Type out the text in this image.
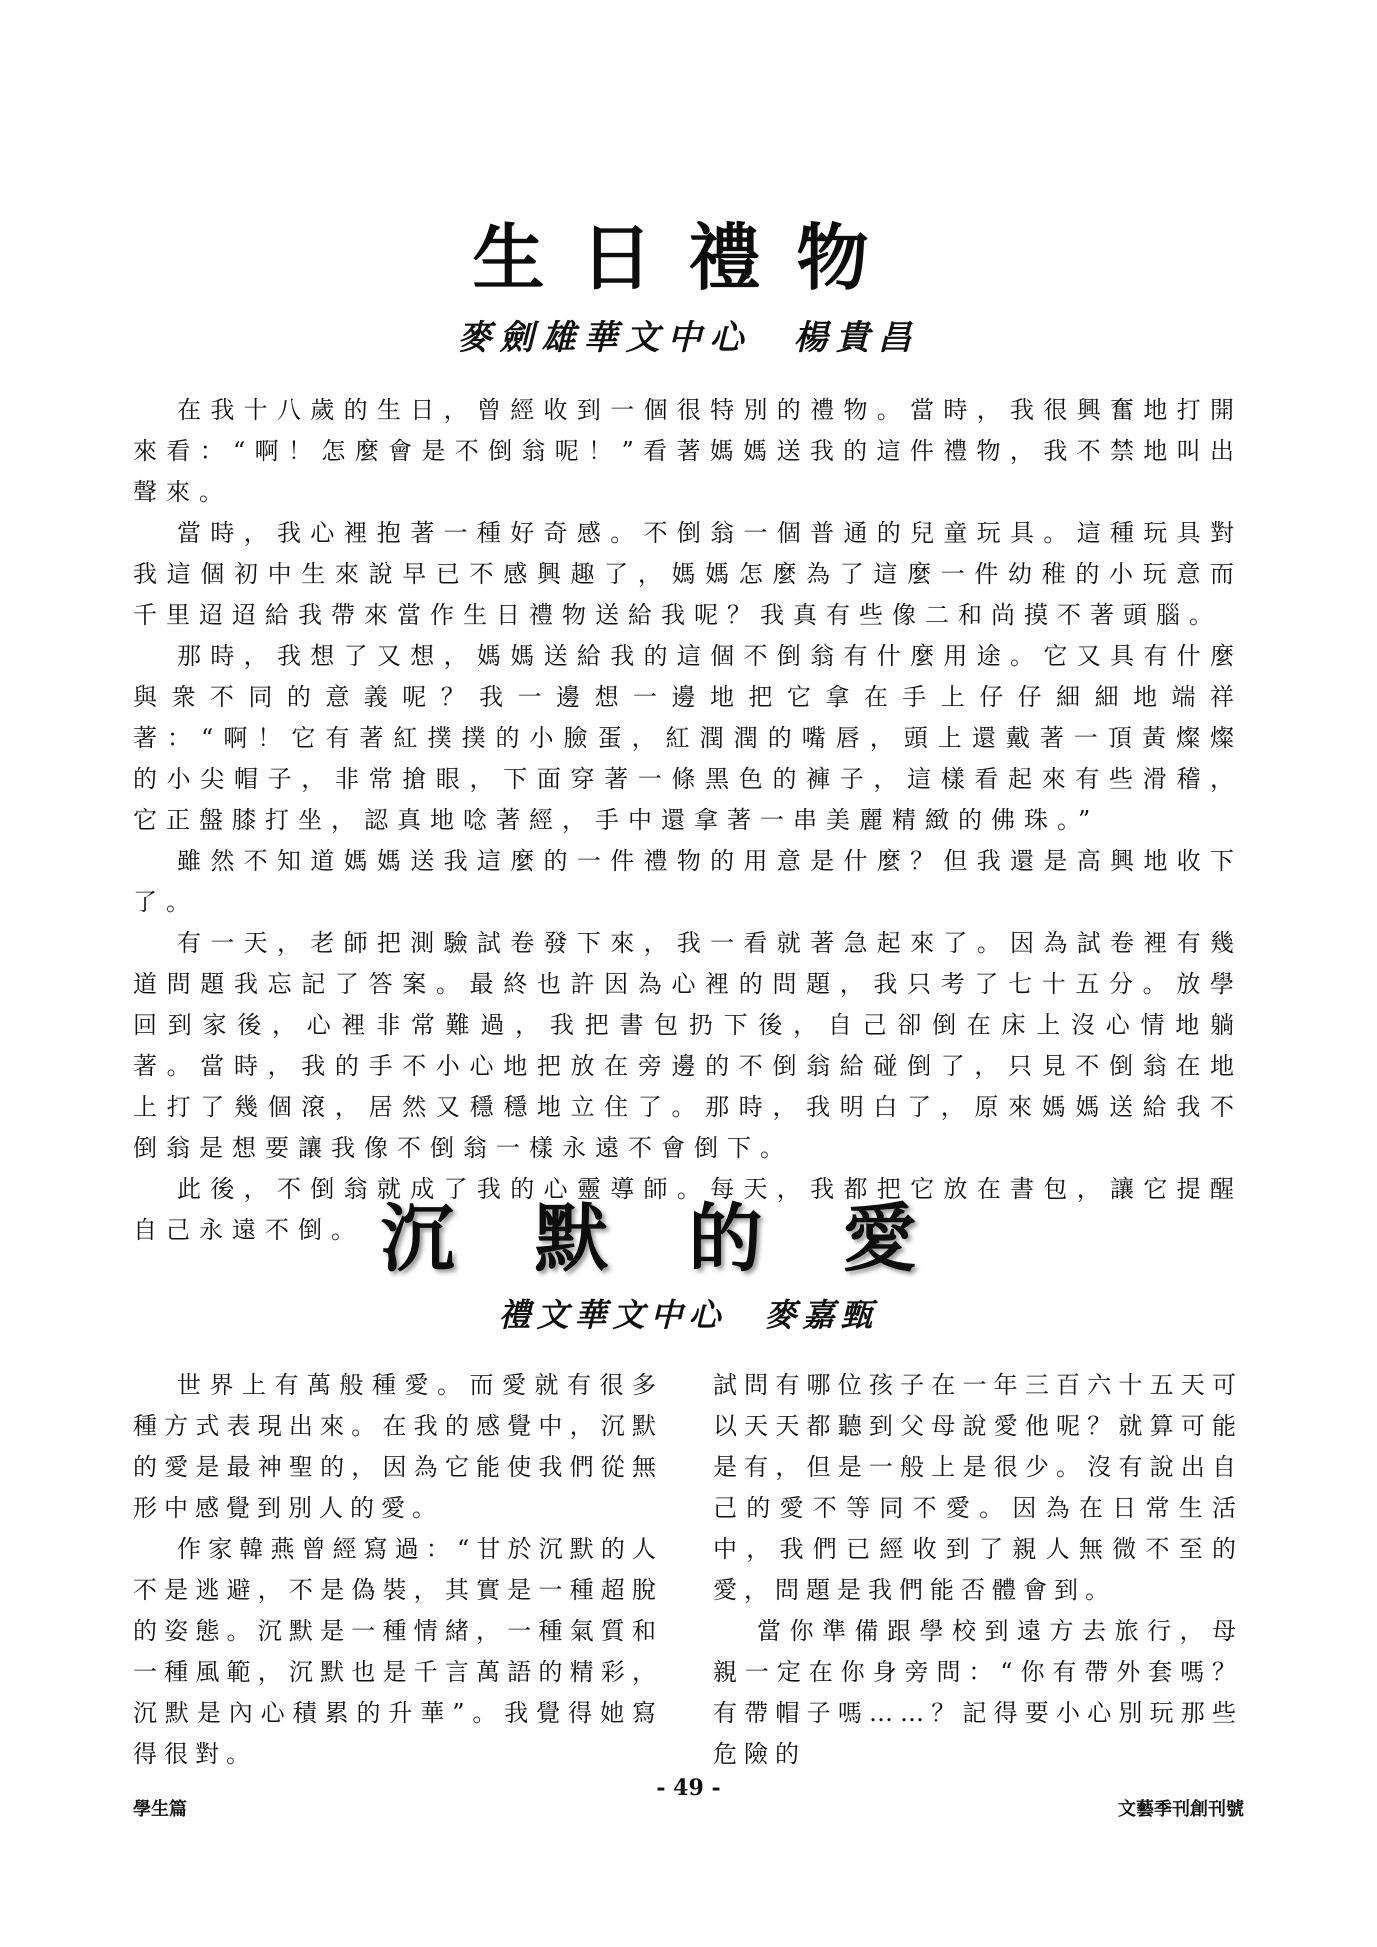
生日禮物
麥劍雄華文中心　楊貴昌

在我十八歲的生日，曾經收到一個很特別的禮物。當時，我很興奮地打開來看：“啊！怎麼會是不倒翁呢！”看著媽媽送我的這件禮物，我不禁地叫出聲來。

當時，我心裡抱著一種好奇感。不倒翁一個普通的兒童玩具。這種玩具對我這個初中生來說早已不感興趣了，媽媽怎麼為了這麼一件幼稚的小玩意而千里迢迢給我帶來當作生日禮物送給我呢？我真有些像二和尚摸不著頭腦。

那時，我想了又想，媽媽送給我的這個不倒翁有什麼用途。它又具有什麼與衆不同的意義呢？我一邊想一邊地把它拿在手上仔仔細細地端祥著：“啊！它有著紅撲撲的小臉蛋，紅潤潤的嘴唇，頭上還戴著一頂黃燦燦的小尖帽子，非常搶眼，下面穿著一條黑色的褲子，這樣看起來有些滑稽，它正盤膝打坐，認真地唸著經，手中還拿著一串美麗精緻的佛珠。”

雖然不知道媽媽送我這麼的一件禮物的用意是什麼？但我還是高興地收下了。

有一天，老師把測驗試卷發下來，我一看就著急起來了。因為試卷裡有幾道問題我忘記了答案。最終也許因為心裡的問題，我只考了七十五分。放學回到家後，心裡非常難過，我把書包扔下後，自己卻倒在床上沒心情地躺著。當時，我的手不小心地把放在旁邊的不倒翁給碰倒了，只見不倒翁在地上打了幾個滾，居然又穩穩地立住了。那時，我明白了，原來媽媽送給我不倒翁是想要讓我像不倒翁一樣永遠不會倒下。

此後，不倒翁就成了我的心靈導師。每天，我都把它放在書包，讓它提醒自己永遠不倒。 沉默的愛
禮文華文中心　麥嘉甄

世界上有萬般種愛。而愛就有很多種方式表現出來。在我的感覺中，沉默的愛是最神聖的，因為它能使我們從無形中感覺到別人的愛。

作家韓燕曾經寫過：“甘於沉默的人不是逃避，不是偽裝，其實是一種超脫的姿態。沉默是一種情緒，一種氣質和一種風範，沉默也是千言萬語的精彩，沉默是內心積累的升華”。我覺得她寫得很對。

試問有哪位孩子在一年三百六十五天可以天天都聽到父母說愛他呢？就算可能是有，但是一般上是很少。沒有說出自己的愛不等同不愛。因為在日常生活中，我們已經收到了親人無微不至的愛，問題是我們能否體會到。

當你準備跟學校到遠方去旅行，母親一定在你身旁問：“你有帶外套嗎？有帶帽子嗎……？記得要小心別玩那些危險的

學生篇
- 49 -
文藝季刊創刊號
